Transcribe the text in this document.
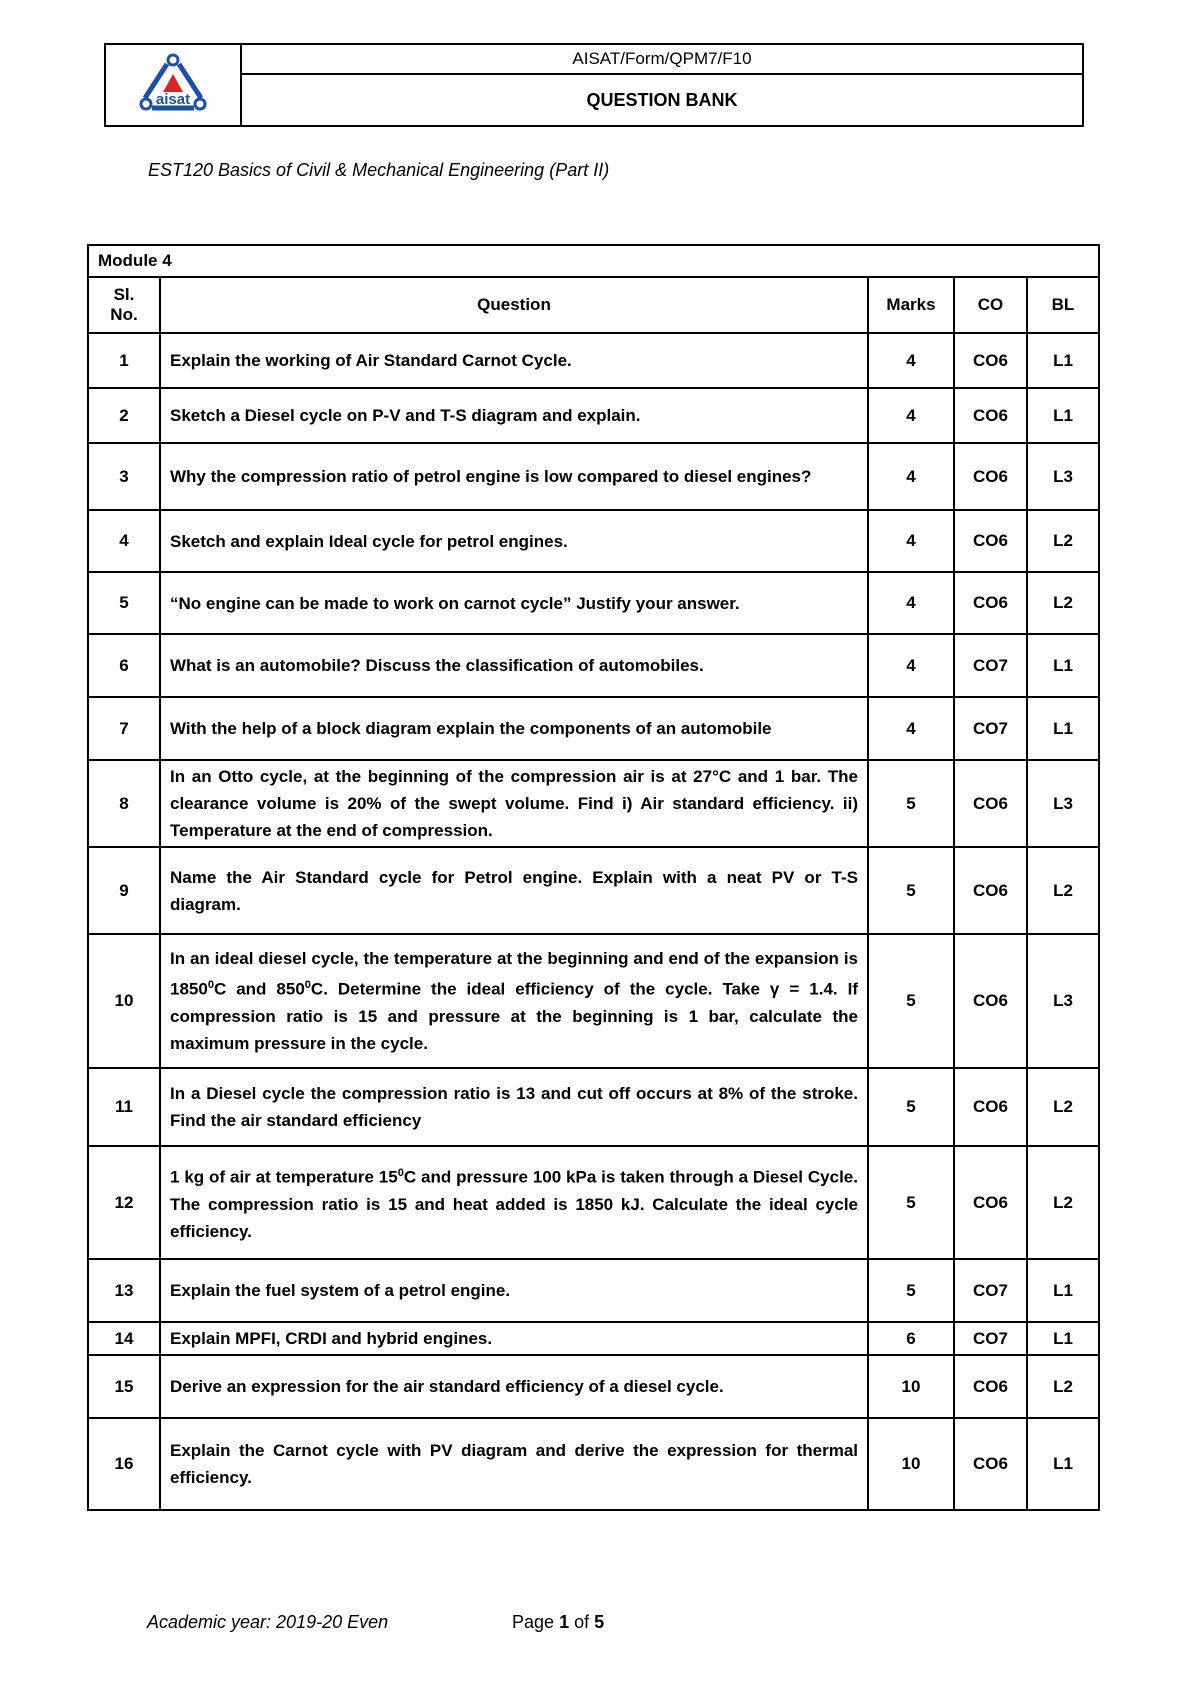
aisat
AISAT/Form/QPM7/F10
QUESTION BANK
EST120 Basics of Civil & Mechanical Engineering (Part II)
Module 4				
Sl. No.	Question	Marks	CO	BL
1	Explain the working of Air Standard Carnot Cycle.	4	CO6	L1
2	Sketch a Diesel cycle on P-V and T-S diagram and explain.	4	CO6	L1
3	Why the compression ratio of petrol engine is low compared to diesel engines?	4	CO6	L3
4	Sketch and explain Ideal cycle for petrol engines.	4	CO6	L2
5	“No engine can be made to work on carnot cycle” Justify your answer.	4	CO6	L2
6	What is an automobile? Discuss the classification of automobiles.	4	CO7	L1
7	With the help of a block diagram explain the components of an automobile	4	CO7	L1
8	In an Otto cycle, at the beginning of the compression air is at 27°C and 1 bar. The clearance volume is 20% of the swept volume. Find i) Air standard efficiency. ii) Temperature at the end of compression.	5	CO6	L3
9	Name the Air Standard cycle for Petrol engine. Explain with a neat PV or T-S diagram.	5	CO6	L2
10	In an ideal diesel cycle, the temperature at the beginning and end of the expansion is 1850$^0$C and $850^0C$. Determine the ideal efficiency of the cycle. Take γ = 1.4. If compression ratio is 15 and pressure at the beginning is 1 bar, calculate the maximum pressure in the cycle.	5	CO6	L3
11	In a Diesel cycle the compression ratio is 13 and cut off occurs at 8% of the stroke. Find the air standard efficiency	5	CO6	L2
12	1 kg of air at temperature $15^0C$ and pressure 100 kPa is taken through a Diesel Cycle. The compression ratio is 15 and heat added is 1850 kJ. Calculate the ideal cycle efficiency.	5	CO6	L2
13	Explain the fuel system of a petrol engine.	5	CO7	L1
14	Explain MPFI, CRDI and hybrid engines.	6	CO7	L1
15	Derive an expression for the air standard efficiency of a diesel cycle.	10	CO6	L2
16	Explain the Carnot cycle with PV diagram and derive the expression for thermal efficiency.	10	CO6	L1
Academic year: 2019-20 Even	Page 1 of 5
